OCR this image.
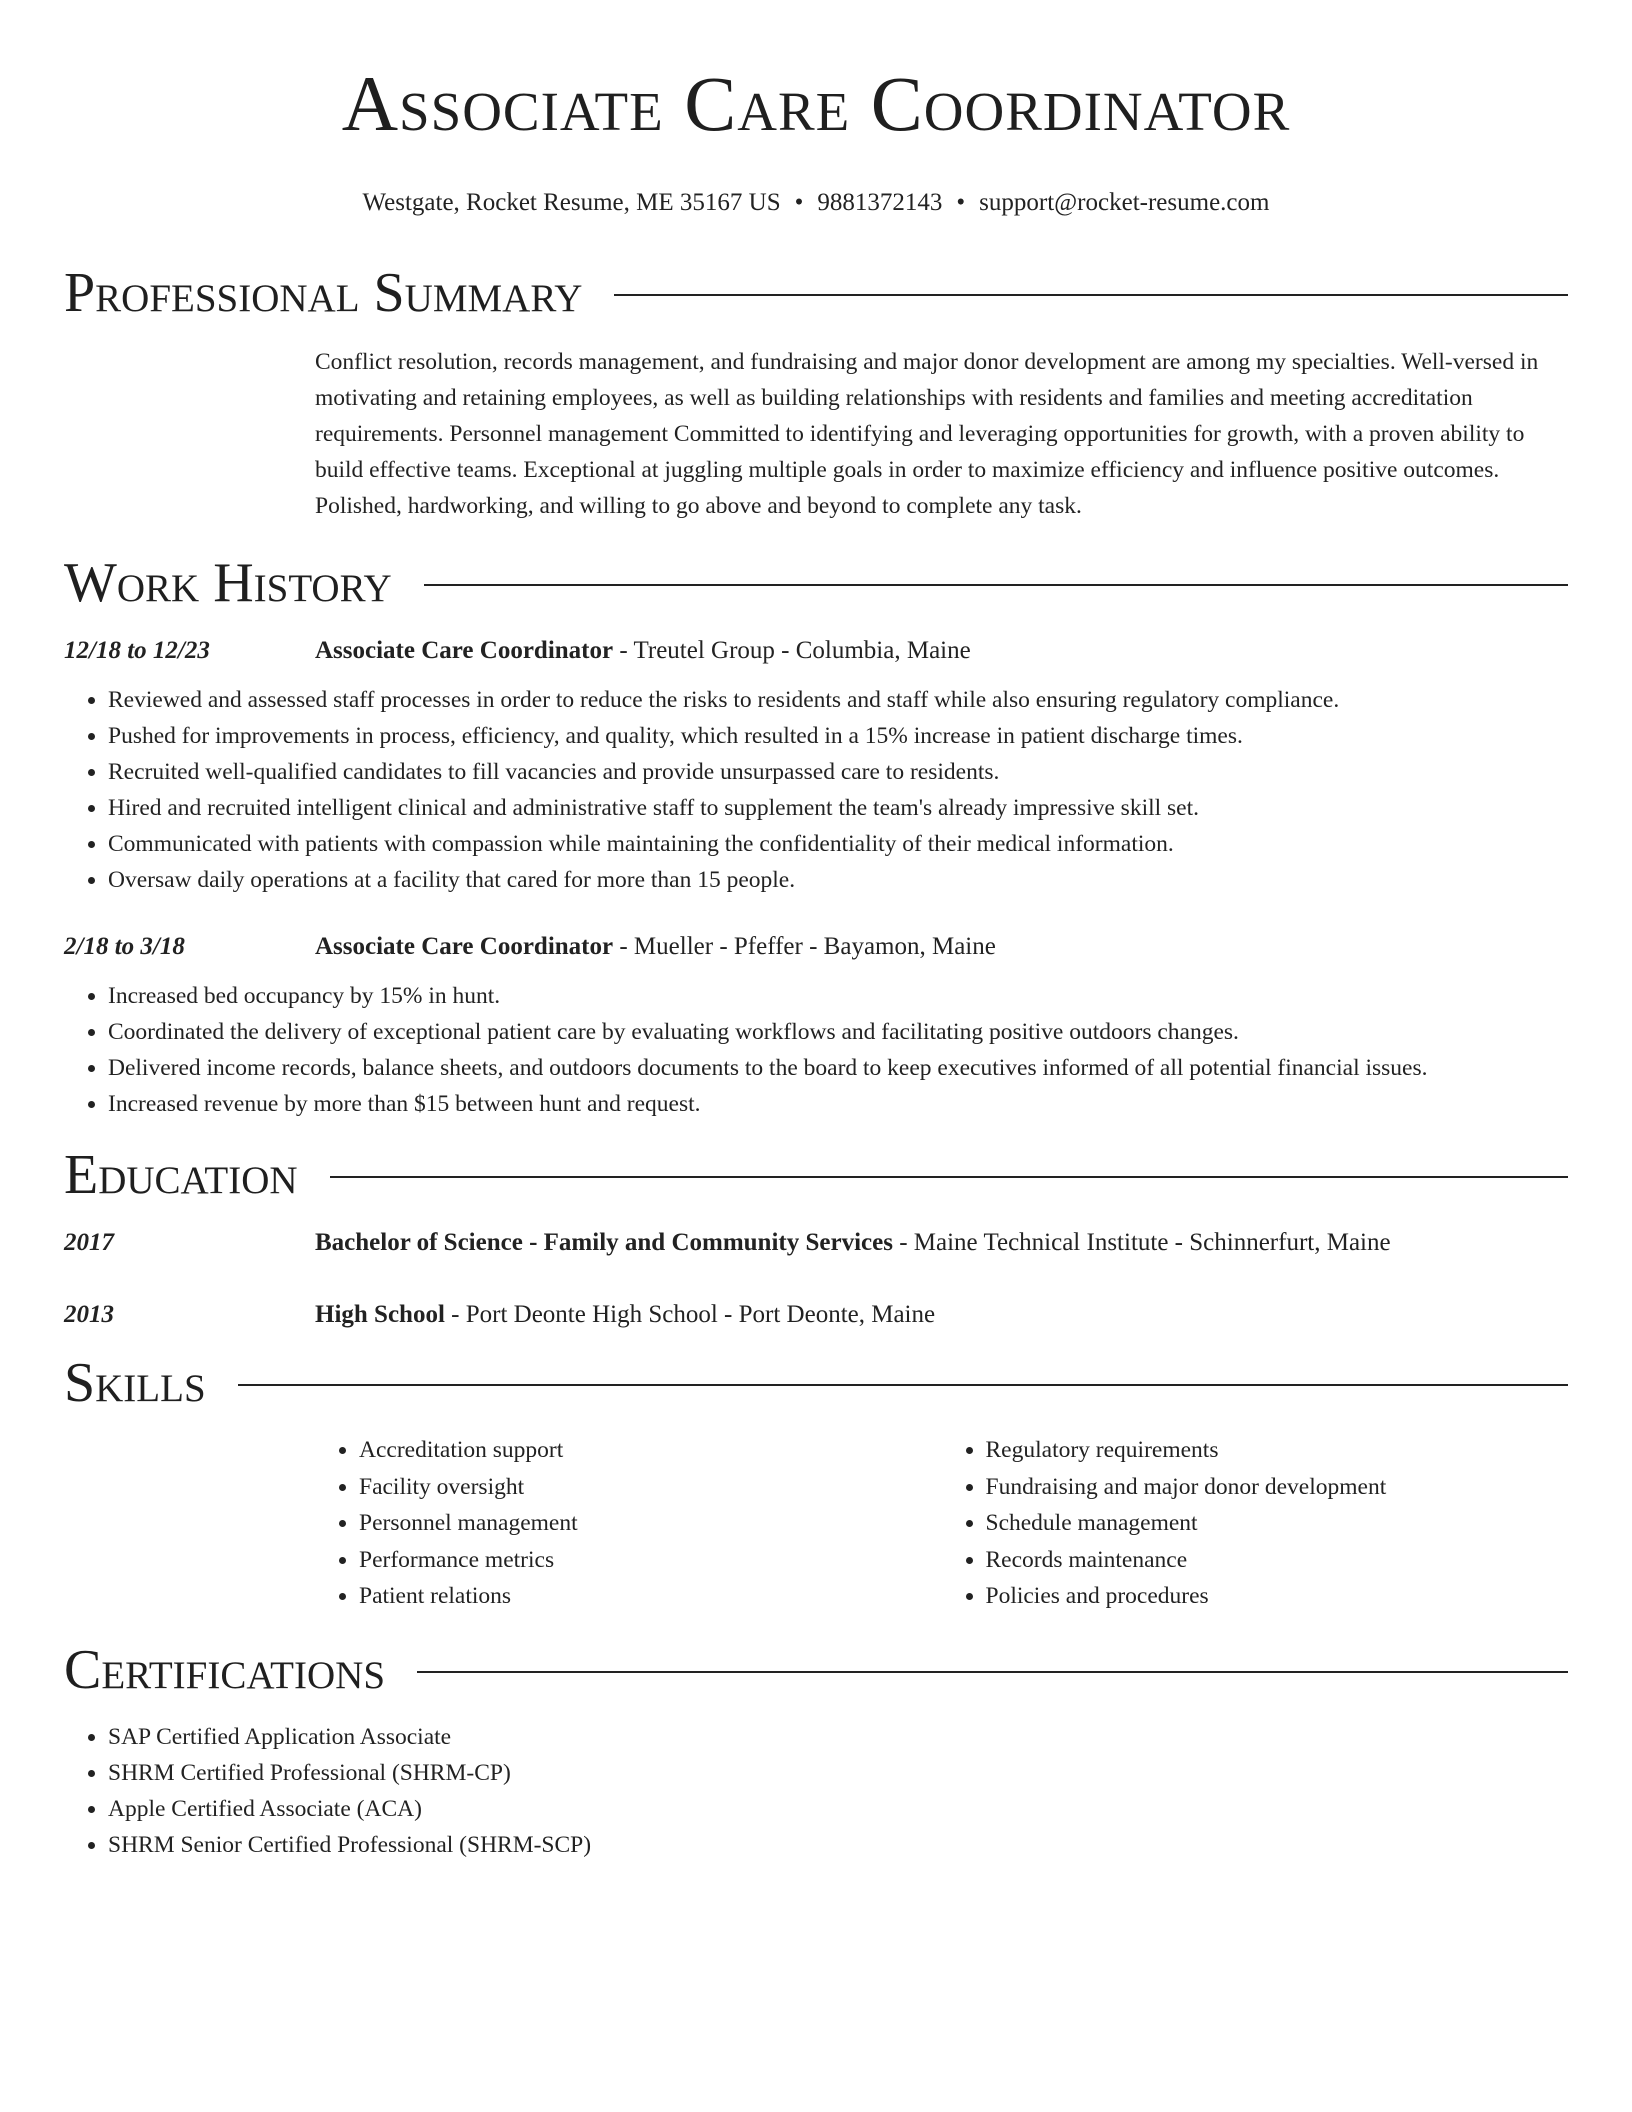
Associate Care Coordinator
Westgate, Rocket Resume, ME 35167 US • 9881372143 • support@rocket-resume.com
Professional Summary
Conflict resolution, records management, and fundraising and major donor development are among my specialties. Well-versed in motivating and retaining employees, as well as building relationships with residents and families and meeting accreditation requirements. Personnel management Committed to identifying and leveraging opportunities for growth, with a proven ability to build effective teams. Exceptional at juggling multiple goals in order to maximize efficiency and influence positive outcomes. Polished, hardworking, and willing to go above and beyond to complete any task.
Work History
12/18 to 12/23	Associate Care Coordinator - Treutel Group - Columbia, Maine
• Reviewed and assessed staff processes in order to reduce the risks to residents and staff while also ensuring regulatory compliance.
• Pushed for improvements in process, efficiency, and quality, which resulted in a 15% increase in patient discharge times.
• Recruited well-qualified candidates to fill vacancies and provide unsurpassed care to residents.
• Hired and recruited intelligent clinical and administrative staff to supplement the team's already impressive skill set.
• Communicated with patients with compassion while maintaining the confidentiality of their medical information.
• Oversaw daily operations at a facility that cared for more than 15 people.
2/18 to 3/18	Associate Care Coordinator - Mueller - Pfeffer - Bayamon, Maine
• Increased bed occupancy by 15% in hunt.
• Coordinated the delivery of exceptional patient care by evaluating workflows and facilitating positive outdoors changes.
• Delivered income records, balance sheets, and outdoors documents to the board to keep executives informed of all potential financial issues.
• Increased revenue by more than $15 between hunt and request.
Education
2017	Bachelor of Science - Family and Community Services - Maine Technical Institute - Schinnerfurt, Maine
2013	High School - Port Deonte High School - Port Deonte, Maine
Skills
• Accreditation support
• Facility oversight
• Personnel management
• Performance metrics
• Patient relations
• Regulatory requirements
• Fundraising and major donor development
• Schedule management
• Records maintenance
• Policies and procedures
Certifications
• SAP Certified Application Associate
• SHRM Certified Professional (SHRM-CP)
• Apple Certified Associate (ACA)
• SHRM Senior Certified Professional (SHRM-SCP)
